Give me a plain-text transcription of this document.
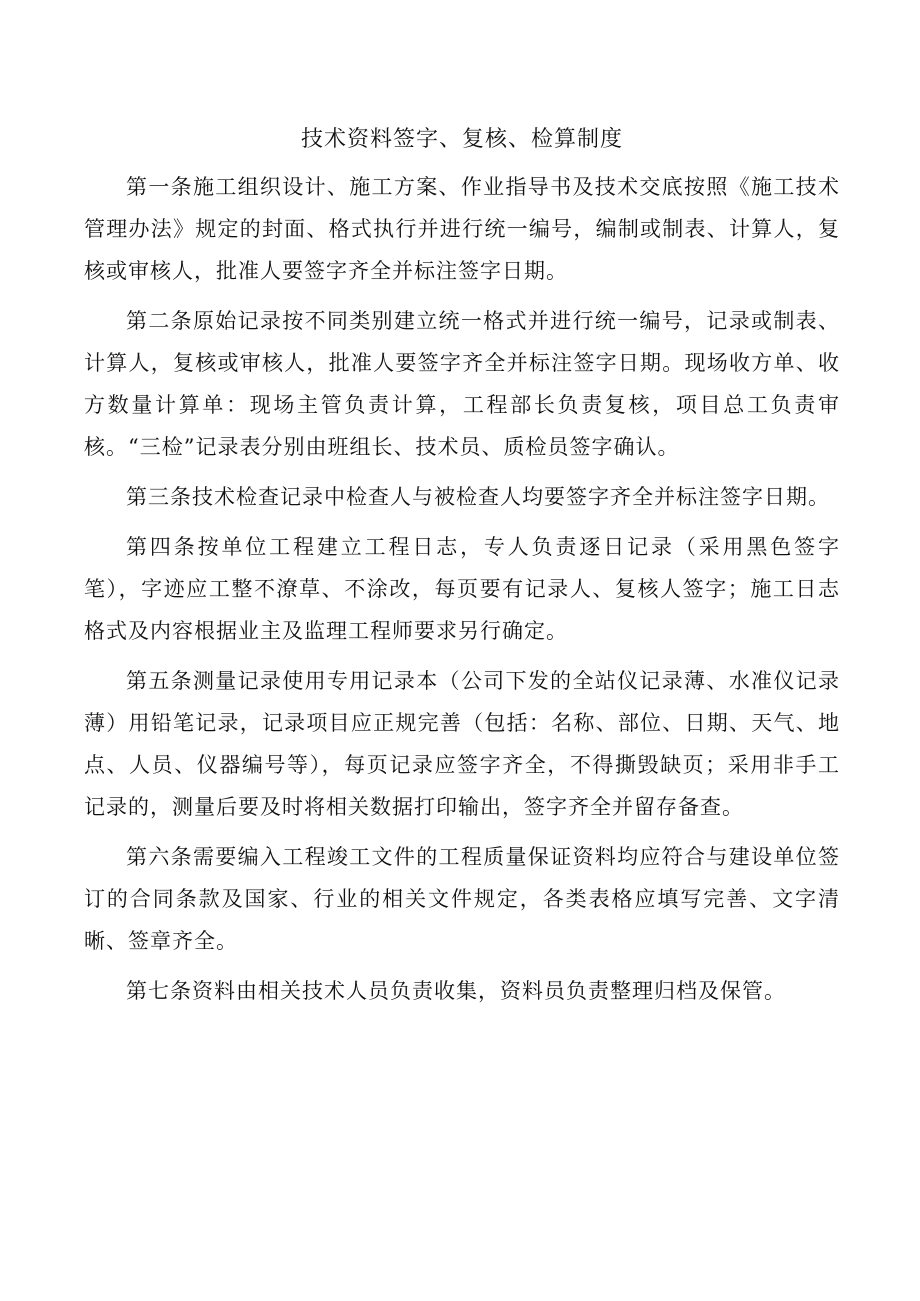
技术资料签字、复核、检算制度

第一条施工组织设计、施工方案、作业指导书及技术交底按照《施工技术管理办法》规定的封面、格式执行并进行统一编号，编制或制表、计算人，复核或审核人，批准人要签字齐全并标注签字日期。

第二条原始记录按不同类别建立统一格式并进行统一编号，记录或制表、计算人，复核或审核人，批准人要签字齐全并标注签字日期。现场收方单、收方数量计算单：现场主管负责计算，工程部长负责复核，项目总工负责审核。“三检”记录表分别由班组长、技术员、质检员签字确认。

第三条技术检查记录中检查人与被检查人均要签字齐全并标注签字日期。

第四条按单位工程建立工程日志，专人负责逐日记录（采用黑色签字笔），字迹应工整不潦草、不涂改，每页要有记录人、复核人签字；施工日志格式及内容根据业主及监理工程师要求另行确定。

第五条测量记录使用专用记录本（公司下发的全站仪记录薄、水准仪记录薄）用铅笔记录，记录项目应正规完善（包括：名称、部位、日期、天气、地点、人员、仪器编号等），每页记录应签字齐全，不得撕毁缺页；采用非手工记录的，测量后要及时将相关数据打印输出，签字齐全并留存备查。

第六条需要编入工程竣工文件的工程质量保证资料均应符合与建设单位签订的合同条款及国家、行业的相关文件规定，各类表格应填写完善、文字清晰、签章齐全。

第七条资料由相关技术人员负责收集，资料员负责整理归档及保管。
